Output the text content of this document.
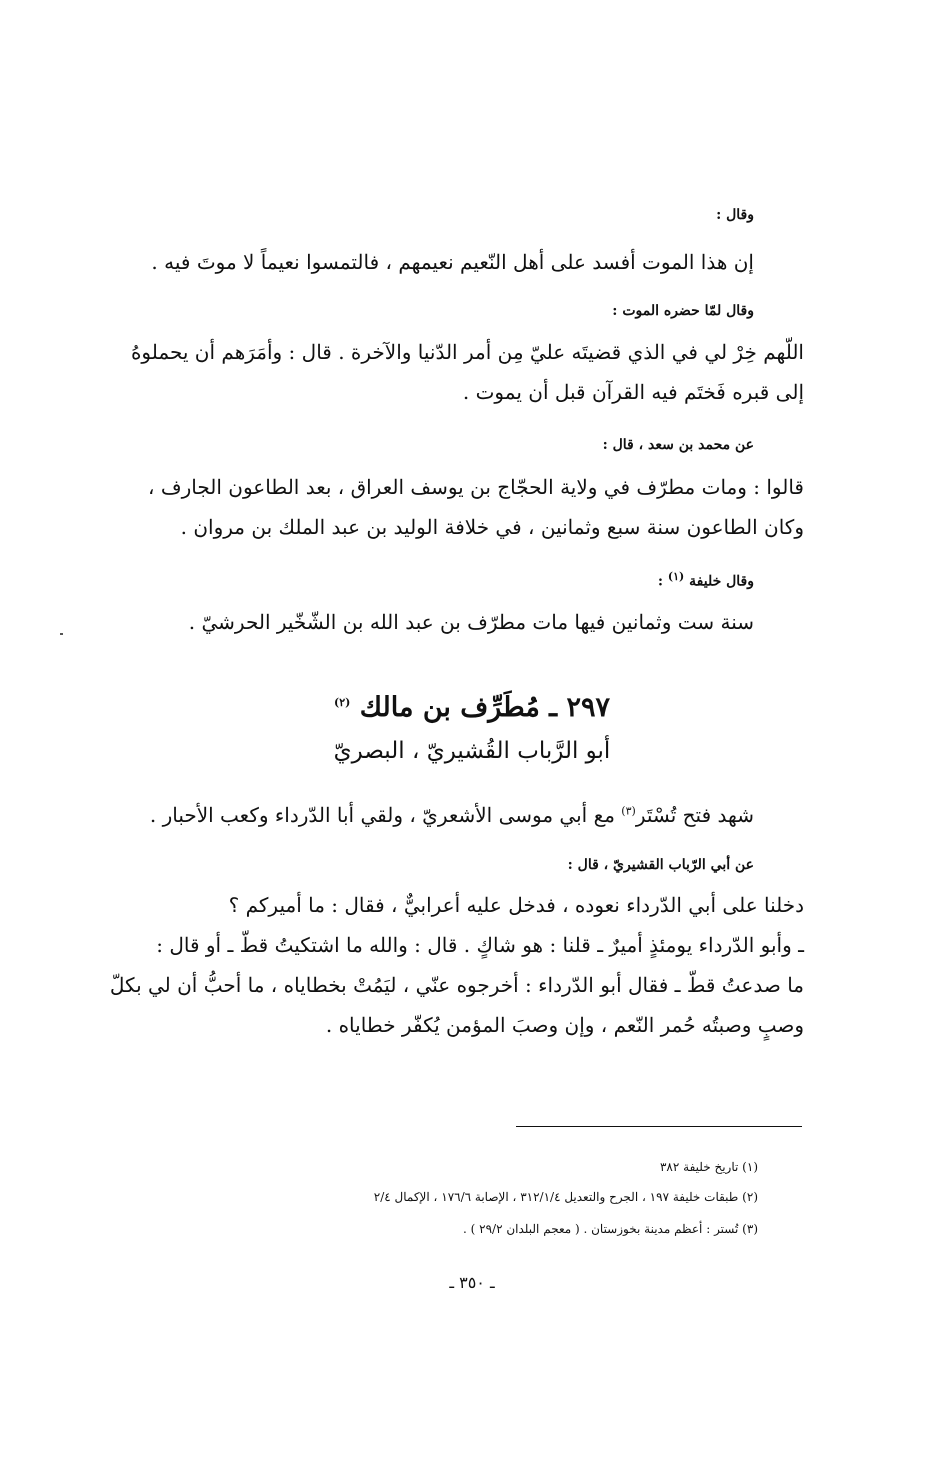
وقال :
إن هذا الموت أفسد على أهل النّعيم نعيمهم ، فالتمسوا نعيماً لا موتَ فيه .
وقال لمّا حضره الموت :
اللّهم خِرْ لي في الذي قضيتَه عليّ مِن أمر الدّنيا والآخرة . قال : وأمَرَهم أن يحملوهُ
إلى قبره فَختَم فيه القرآن قبل أن يموت .
عن محمد بن سعد ، قال :
قالوا : ومات مطرّف في ولاية الحجّاج بن يوسف العراق ، بعد الطاعون الجارف ،
وكان الطاعون سنة سبع وثمانين ، في خلافة الوليد بن عبد الملك بن مروان .
وقال خليفة $^{(١)}$ :
سنة ست وثمانين فيها مات مطرّف بن عبد الله بن الشّخّير الحرشيّ .
٢٩٧ ـ مُطَرِّف بن مالك $^{(٢)}$
أبو الرَّباب القُشيريّ ، البصريّ
شهد فتح تُسْتَر$^{(٣)}$ مع أبي موسى الأشعريّ ، ولقي أبا الدّرداء وكعب الأحبار .
عن أبي الرّباب القشيريّ ، قال :
دخلنا على أبي الدّرداء نعوده ، فدخل عليه أعرابيٌّ ، فقال : ما أميركم ؟
ـ وأبو الدّرداء يومئذٍ أميرٌ ـ قلنا : هو شاكٍ . قال : والله ما اشتكيتُ قطّ ـ أو قال :
ما صدعتُ قطّ ـ فقال أبو الدّرداء : أخرجوه عنّي ، ليَمُتْ بخطاياه ، ما أحبُّ أن لي بكلّ
وصبٍ وصبتُه حُمر النّعم ، وإن وصبَ المؤمن يُكفّر خطاياه .
(١) تاريخ خليفة ٣٨٢
(٢) طبقات خليفة ١٩٧ ، الجرح والتعديل ٣١٢/١/٤ ، الإصابة ١٧٦/٦ ، الإكمال ٢/٤
(٣) تُستر : أعظم مدينة بخوزستان . ( معجم البلدان ٢٩/٢ ) .
ـ ٣٥٠ ـ
